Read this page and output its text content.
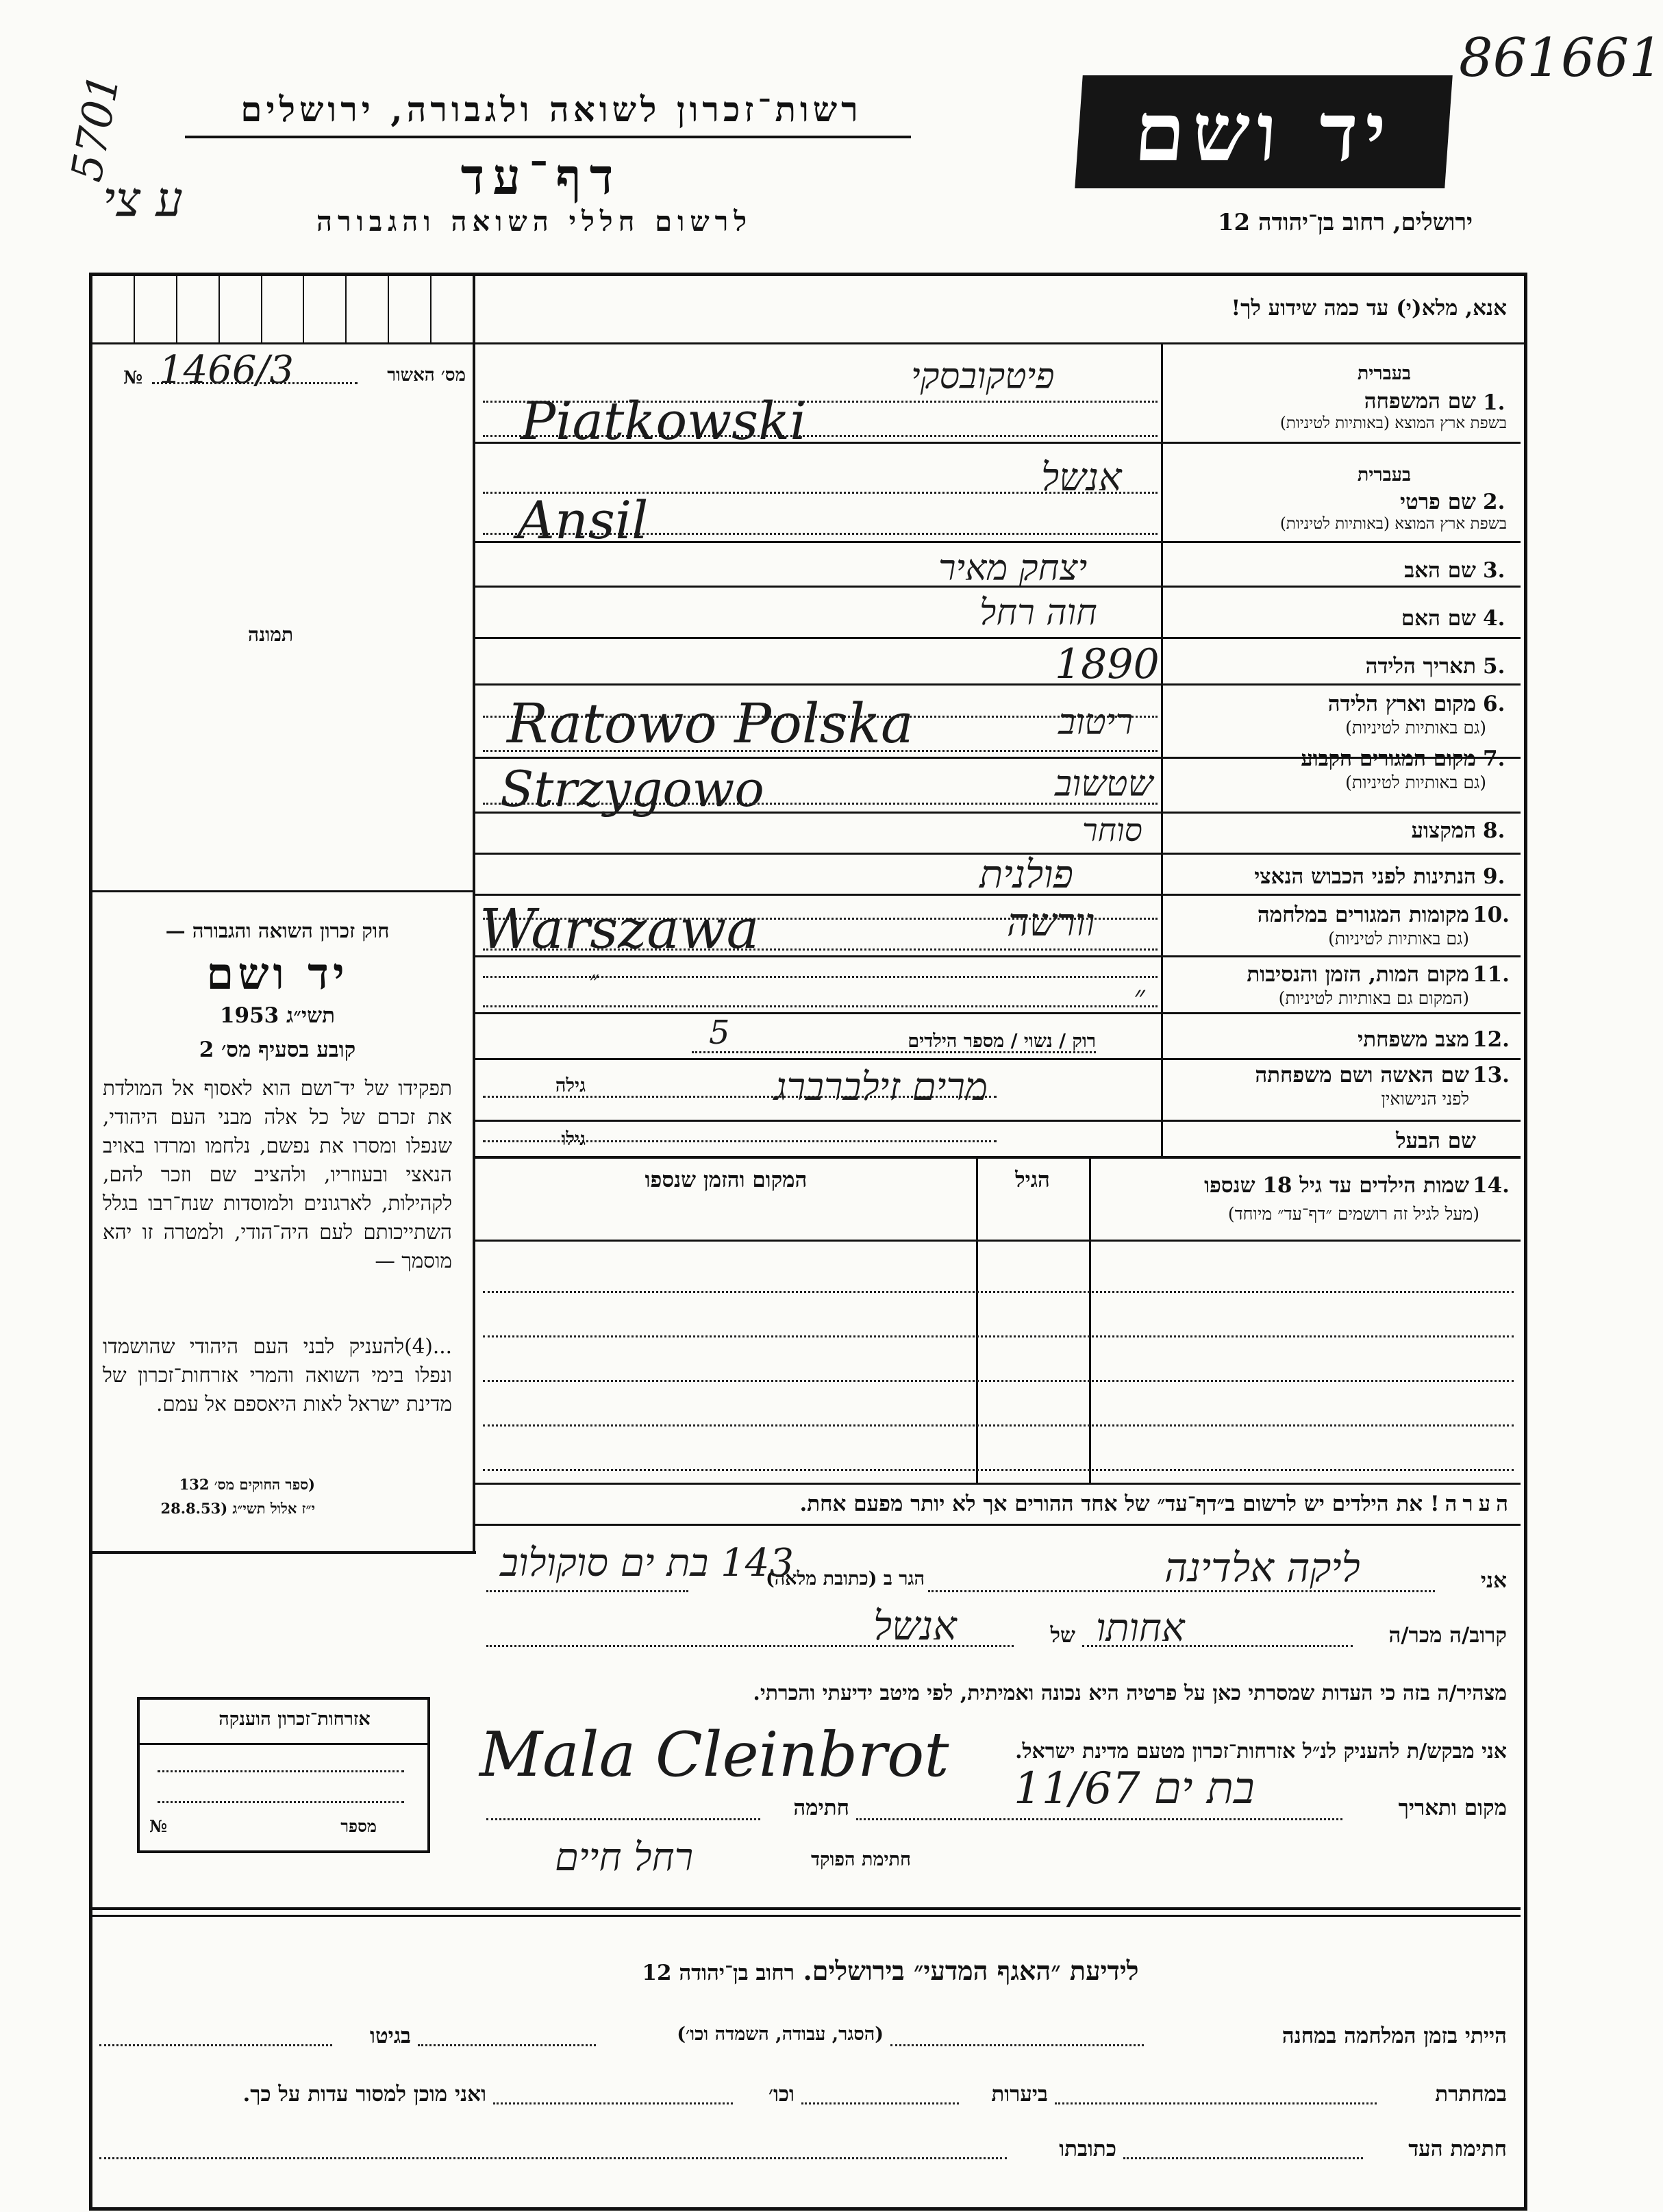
5701
ע צי
861661
רשות־זכרון לשואה ולגבורה, ירושלים
דף־עד
לרשום חללי השואה והגבורה
יד ושם
ירושלים, רחוב בן־יהודה 12
אנא, מלא(י) עד כמה שידוע לך!
מס׳ האשור
№ 1466/3
תמונה
חוק זכרון השואה והגבורה —
יד ושם
תשי״ג 1953
קובע בסעיף מס׳ 2
תפקידו של יד־ושם הוא לאסוף אל המולדת את זכרם של כל אלה מבני העם היהודי, שנפלו ומסרו את נפשם, נלחמו ומרדו באויב הנאצי ובעוזריו, ולהציב שם וזכר להם, לקהילות, לארגונים ולמוסדות שנח־רבו בגלל השתייכותם לעם היה־הודי, ולמטרה זו יהא מוסמך —
...(4)להעניק לבני העם היהודי שהושמדו ונפלו בימי השואה והמרי אזרחות־זכרון של מדינת ישראל לאות היאספם אל עמם.
(ספר החוקים מס׳ 132
י״ז אלול תשי״ג (28.8.53
אזרחות־זכרון הוענקה
№	מספר
1.
בעברית
שם המשפחה
בשפת ארץ המוצא (באותיות לטיניות)
פיטקובסקי
Piatkowski
2.
בעברית
שם פרטי
בשפת ארץ המוצא (באותיות לטיניות)
אנשל
Ansil
3.
שם האב
יצחק מאיר
4.
שם האם
חוה רחל
5.
תאריך הלידה
1890
6.
מקום וארץ הלידה
(גם באותיות לטיניות)
ריטוב
Ratowo Polska
7.
מקום המגורים הקבוע
(גם באותיות לטיניות)
שטשוב
Strzygowo
8.
המקצוע
סוחר
9.
הנתינות לפני הכבוש הנאצי
פולנית
10.
מקומות המגורים במלחמה
(גם באותיות לטיניות)
וורשה
Warszawa
11.
מקום המות, הזמן והנסיבות
(המקום גם באותיות לטיניות)
״	״
12.
מצב משפחתי
רוק / נשוי / מספר הילדים
5
13.
שם האשה ושם משפחתה
לפני הנישואין
גילה	מרים זילברברג
שם הבעל
גילו
14.
שמות הילדים עד גיל 18 שנספו
(מעל לגיל זה רושמים ״דף־עד״ מיוחד)
הגיל
המקום והזמן שנספו
הערה! את הילדים יש לרשום ב״דף־עד״ של אחד ההורים אך לא יותר מפעם אחת.
אני
ליקה אלדינה
הגר ב (כתובת מלאה)
143 בת ים סוקולוב
קרוב/ה מכר/ה
אחותו
של
אנשל
מצהיר/ה בזה כי העדות שמסרתי כאן על פרטיה היא נכונה ואמיתית, לפי מיטב ידיעתי והכרתי.
אני מבקש/ת להעניק לנ״ל אזרחות־זכרון מטעם מדינת ישראל.
Mala Cleinbrot
מקום ותאריך
בת ים 11/67
חתימה
חתימת הפוקד
רחל חיים
לידיעת ״האגף המדעי״ בירושלים. רחוב בן־יהודה 12
הייתי בזמן המלחמה במחנה
(הסגר, עבודה, השמדה וכו׳)
בגיטו
במחתרת
ביערות
וכו׳
ואני מוכן למסור עדות על כך.
חתימת העד
כתובתו
